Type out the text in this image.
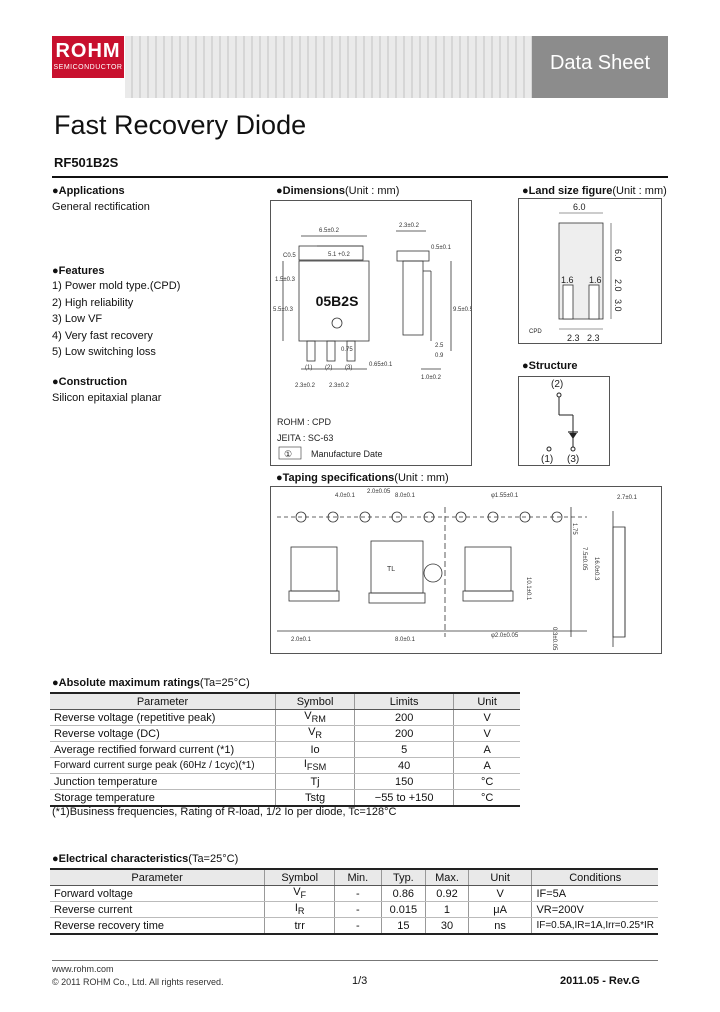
ROHM
SEMICONDUCTOR	Data Sheet
Fast Recovery Diode
RF501B2S
●Applications
General rectification
●Features
1) Power mold type.(CPD)
2) High reliability
3) Low VF
4) Very fast recovery
5) Low switching loss
●Construction
Silicon epitaxial planar
●Dimensions(Unit : mm)
05B2S
6.5±0.2
5.1 +0.2
C0.5
2.3±0.2
0.5±0.1
5.5±0.3
1.5±0.3
9.5±0.5
2.5
0.9
0.65±0.1
0.75
2.3±0.2 2.3±0.2
1.0±0.2
(1) (2) (3)
ROHM : CPD
JEITA : SC-63
① Manufacture Date
●Land size figure(Unit : mm)
6.0
6.0
1.6 1.6 2.0
3.0
2.3 2.3
CPD
●Structure
(2)
(1) (3)
●Taping specifications(Unit : mm)
4.0±0.1
2.0±0.05
8.0±0.1	φ1.55±0.1
2.0±0.1	8.0±0.1
φ2.0±0.05
1.75
7.5±0.05 16.0±0.3
10.1±0.1
2.7±0.1
0.3±0.05
TL
●Absolute maximum ratings(Ta=25°C)
Parameter	Symbol	Limits	Unit
Reverse voltage (repetitive peak)	$V_{RM}$	200	V
Reverse voltage (DC)	$V_R$	200	V
Average rectified forward current (*1)	Io	5	A
Forward current surge peak (60Hz / 1cyc)(*1)	$I_{FSM}$	40	A
Junction temperature	Tj	150	°C
Storage temperature	Tstg	−55 to +150	°C
(*1)Business frequencies, Rating of R-load, 1/2 Io per diode, Tc=128°C
●Electrical characteristics(Ta=25°C)
Parameter	Symbol	Min.	Typ.	Max.	Unit	Conditions
Forward voltage	$V_F$	-	0.86	0.92	V	IF=5A
Reverse current	$I_R$	-	0.015	1	μA	VR=200V
Reverse recovery time	trr	-	15	30	ns	IF=0.5A,IR=1A,Irr=0.25*IR
www.rohm.com
© 2011 ROHM Co., Ltd. All rights reserved.	1/3	2011.05 - Rev.G
